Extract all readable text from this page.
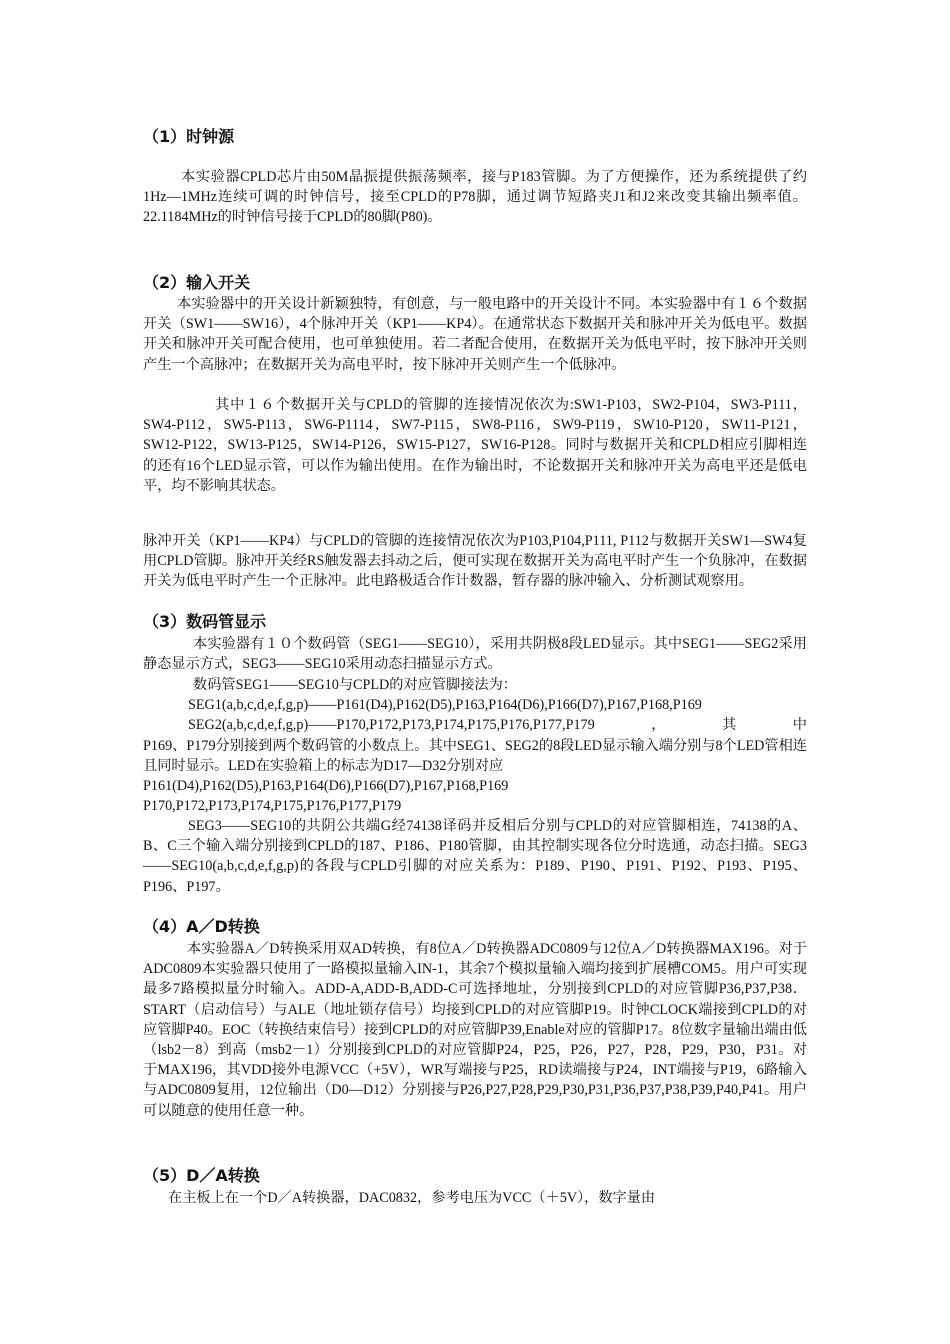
（1）时钟源

本实验器CPLD芯片由50M晶振提供振荡频率，接与P183管脚。为了方便操作，还为系统提供了约1Hz—1MHz连续可调的时钟信号，接至CPLD的P78脚，通过调节短路夹J1和J2来改变其输出频率值。22.1184MHz的时钟信号接于CPLD的80脚(P80)。

（2）输入开关

本实验器中的开关设计新颖独特，有创意，与一般电路中的开关设计不同。本实验器中有１６个数据开关（SW1——SW16），4个脉冲开关（KP1——KP4）。在通常状态下数据开关和脉冲开关为低电平。数据开关和脉冲开关可配合使用，也可单独使用。若二者配合使用，在数据开关为低电平时，按下脉冲开关则产生一个高脉冲；在数据开关为高电平时，按下脉冲开关则产生一个低脉冲。

其中１６个数据开关与CPLD的管脚的连接情况依次为:SW1-P103，SW2-P104，SW3-P111，SW4-P112，SW5-P113，SW6-P1114，SW7-P115，SW8-P116，SW9-P119，SW10-P120，SW11-P121，SW12-P122，SW13-P125，SW14-P126，SW15-P127，SW16-P128。同时与数据开关和CPLD相应引脚相连的还有16个LED显示管，可以作为输出使用。在作为输出时，不论数据开关和脉冲开关为高电平还是低电平，均不影响其状态。

脉冲开关（KP1——KP4）与CPLD的管脚的连接情况依次为P103,P104,P111, P112与数据开关SW1—SW4复用CPLD管脚。脉冲开关经RS触发器去抖动之后，便可实现在数据开关为高电平时产生一个负脉冲，在数据开关为低电平时产生一个正脉冲。此电路极适合作计数器，暂存器的脉冲输入、分析测试观察用。

（3）数码管显示

本实验器有１０个数码管（SEG1——SEG10），采用共阴极8段LED显示。其中SEG1——SEG2采用静态显示方式，SEG3——SEG10采用动态扫描显示方式。

数码管SEG1——SEG10与CPLD的对应管脚接法为：

SEG1(a,b,c,d,e,f,g,p)——P161(D4),P162(D5),P163,P164(D6),P166(D7),P167,P168,P169
SEG2(a,b,c,d,e,f,g,p)——P170,P172,P173,P174,P175,P176,P177,P179	，	其	中

P169、P179分别接到两个数码管的小数点上。其中SEG1、SEG2的8段LED显示输入端分别与8个LED管相连且同时显示。LED在实验箱上的标志为D17—D32分别对应

P161(D4),P162(D5),P163,P164(D6),P166(D7),P167,P168,P169
P170,P172,P173,P174,P175,P176,P177,P179

SEG3——SEG10的共阴公共端G经74138译码并反相后分别与CPLD的对应管脚相连，74138的A、B、C三个输入端分别接到CPLD的187、P186、P180管脚，由其控制实现各位分时选通，动态扫描。SEG3——SEG10(a,b,c,d,e,f,g,p)的各段与CPLD引脚的对应关系为：P189、P190、P191、P192、P193、P195、P196、P197。

（4）A／D转换

本实验器A／D转换采用双AD转换，有8位A／D转换器ADC0809与12位A／D转换器MAX196。对于ADC0809本实验器只使用了一路模拟量输入IN-1，其余7个模拟量输入端均接到扩展槽COM5。用户可实现最多7路模拟量分时输入。ADD-A,ADD-B,ADD-C可选择地址，分别接到CPLD的对应管脚P36,P37,P38．START（启动信号）与ALE（地址锁存信号）均接到CPLD的对应管脚P19。时钟CLOCK端接到CPLD的对应管脚P40。EOC（转换结束信号）接到CPLD的对应管脚P39,Enable对应的管脚P17。8位数字量输出端由低（lsb2－8）到高（msb2－1）分别接到CPLD的对应管脚P24，P25，P26，P27，P28，P29，P30，P31。对于MAX196，其VDD接外电源VCC（+5V），WR写端接与P25，RD读端接与P24，INT端接与P19，6路输入与ADC0809复用，12位输出（D0—D12）分别接与P26,P27,P28,P29,P30,P31,P36,P37,P38,P39,P40,P41。用户可以随意的使用任意一种。

（5）D／A转换

在主板上在一个D／A转换器，DAC0832，参考电压为VCC（＋5V），数字量由
